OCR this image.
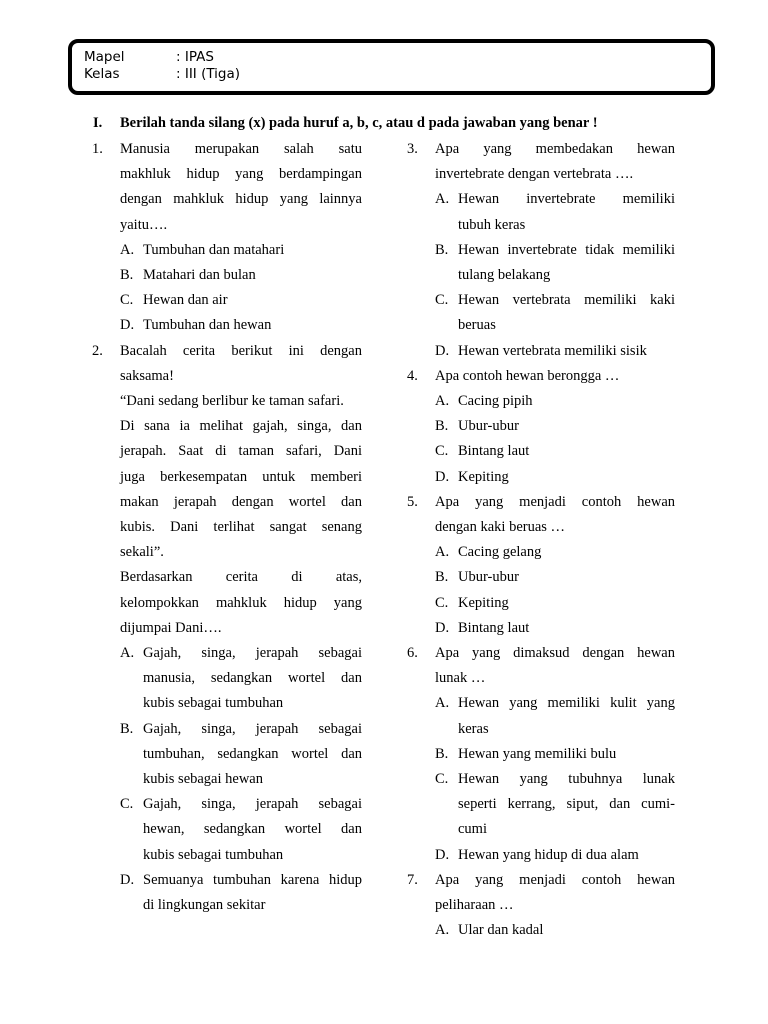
Mapel	: IPAS
Kelas	: III (Tiga)
I. Berilah tanda silang (x) pada huruf a, b, c, atau d pada jawaban yang benar !
1. Manusia merupakan salah satu
makhluk hidup yang berdampingan
dengan mahkluk hidup yang lainnya
yaitu….
A. Tumbuhan dan matahari
B. Matahari dan bulan
C. Hewan dan air
D. Tumbuhan dan hewan
2. Bacalah cerita berikut ini dengan
saksama!
“Dani sedang berlibur ke taman safari.
Di sana ia melihat gajah, singa, dan
jerapah. Saat di taman safari, Dani
juga berkesempatan untuk memberi
makan jerapah dengan wortel dan
kubis. Dani terlihat sangat senang
sekali”.
Berdasarkan cerita di atas,
kelompokkan mahkluk hidup yang
dijumpai Dani….
A. Gajah, singa, jerapah sebagai
manusia, sedangkan wortel dan
kubis sebagai tumbuhan
B. Gajah, singa, jerapah sebagai
tumbuhan, sedangkan wortel dan
kubis sebagai hewan
C. Gajah, singa, jerapah sebagai
hewan, sedangkan wortel dan
kubis sebagai tumbuhan
D. Semuanya tumbuhan karena hidup
di lingkungan sekitar
3. Apa yang membedakan hewan
invertebrate dengan vertebrata ….
A. Hewan invertebrate memiliki
tubuh keras
B. Hewan invertebrate tidak memiliki
tulang belakang
C. Hewan vertebrata memiliki kaki
beruas
D. Hewan vertebrata memiliki sisik
4. Apa contoh hewan berongga …
A. Cacing pipih
B. Ubur-ubur
C. Bintang laut
D. Kepiting
5. Apa yang menjadi contoh hewan
dengan kaki beruas …
A. Cacing gelang
B. Ubur-ubur
C. Kepiting
D. Bintang laut
6. Apa yang dimaksud dengan hewan
lunak …
A. Hewan yang memiliki kulit yang
keras
B. Hewan yang memiliki bulu
C. Hewan yang tubuhnya lunak
seperti kerrang, siput, dan cumi-
cumi
D. Hewan yang hidup di dua alam
7. Apa yang menjadi contoh hewan
peliharaan …
A. Ular dan kadal
